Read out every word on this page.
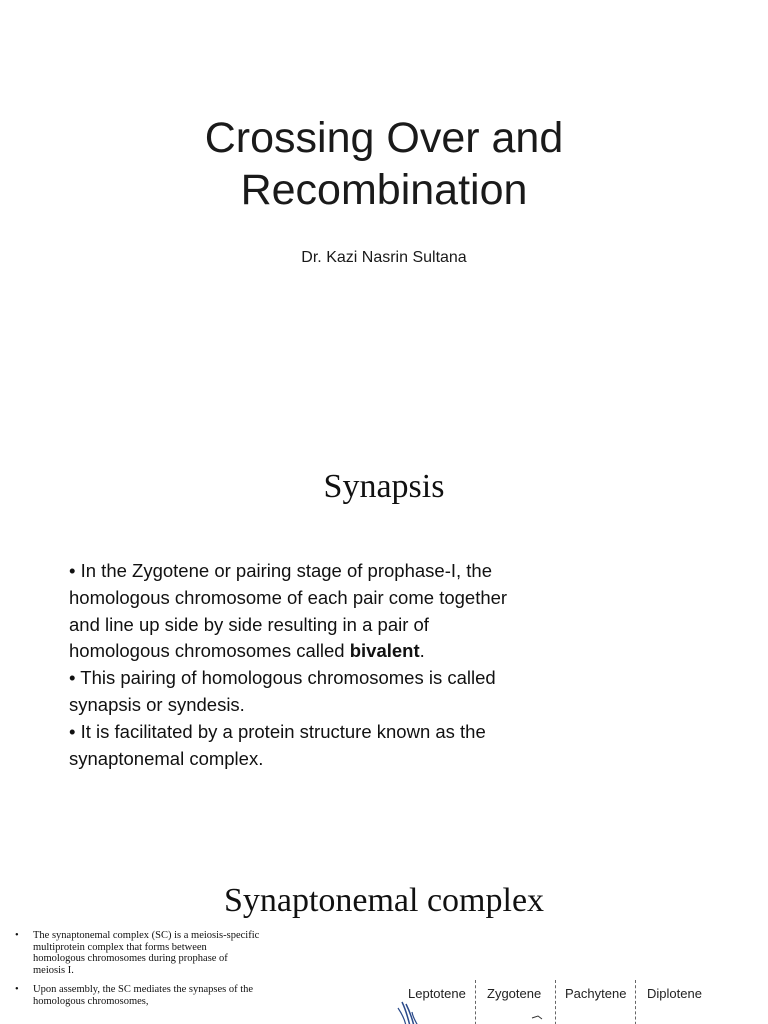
Crossing Over and
Recombination
Dr. Kazi Nasrin Sultana
Synapsis

• In the Zygotene or pairing stage of prophase-I, the homologous chromosome of each pair come together and line up side by side resulting in a pair of homologous chromosomes called bivalent.

• This pairing of homologous chromosomes is called synapsis or syndesis.

• It is facilitated by a protein structure known as the synaptonemal complex.

Synaptonemal complex
• The synaptonemal complex (SC) is a meiosis-specific multiprotein complex that forms between homologous chromosomes during prophase of meiosis I.
• Upon assembly, the SC mediates the synapses of the homologous chromosomes,	Leptotene Zygotene Pachytene Diplotene
